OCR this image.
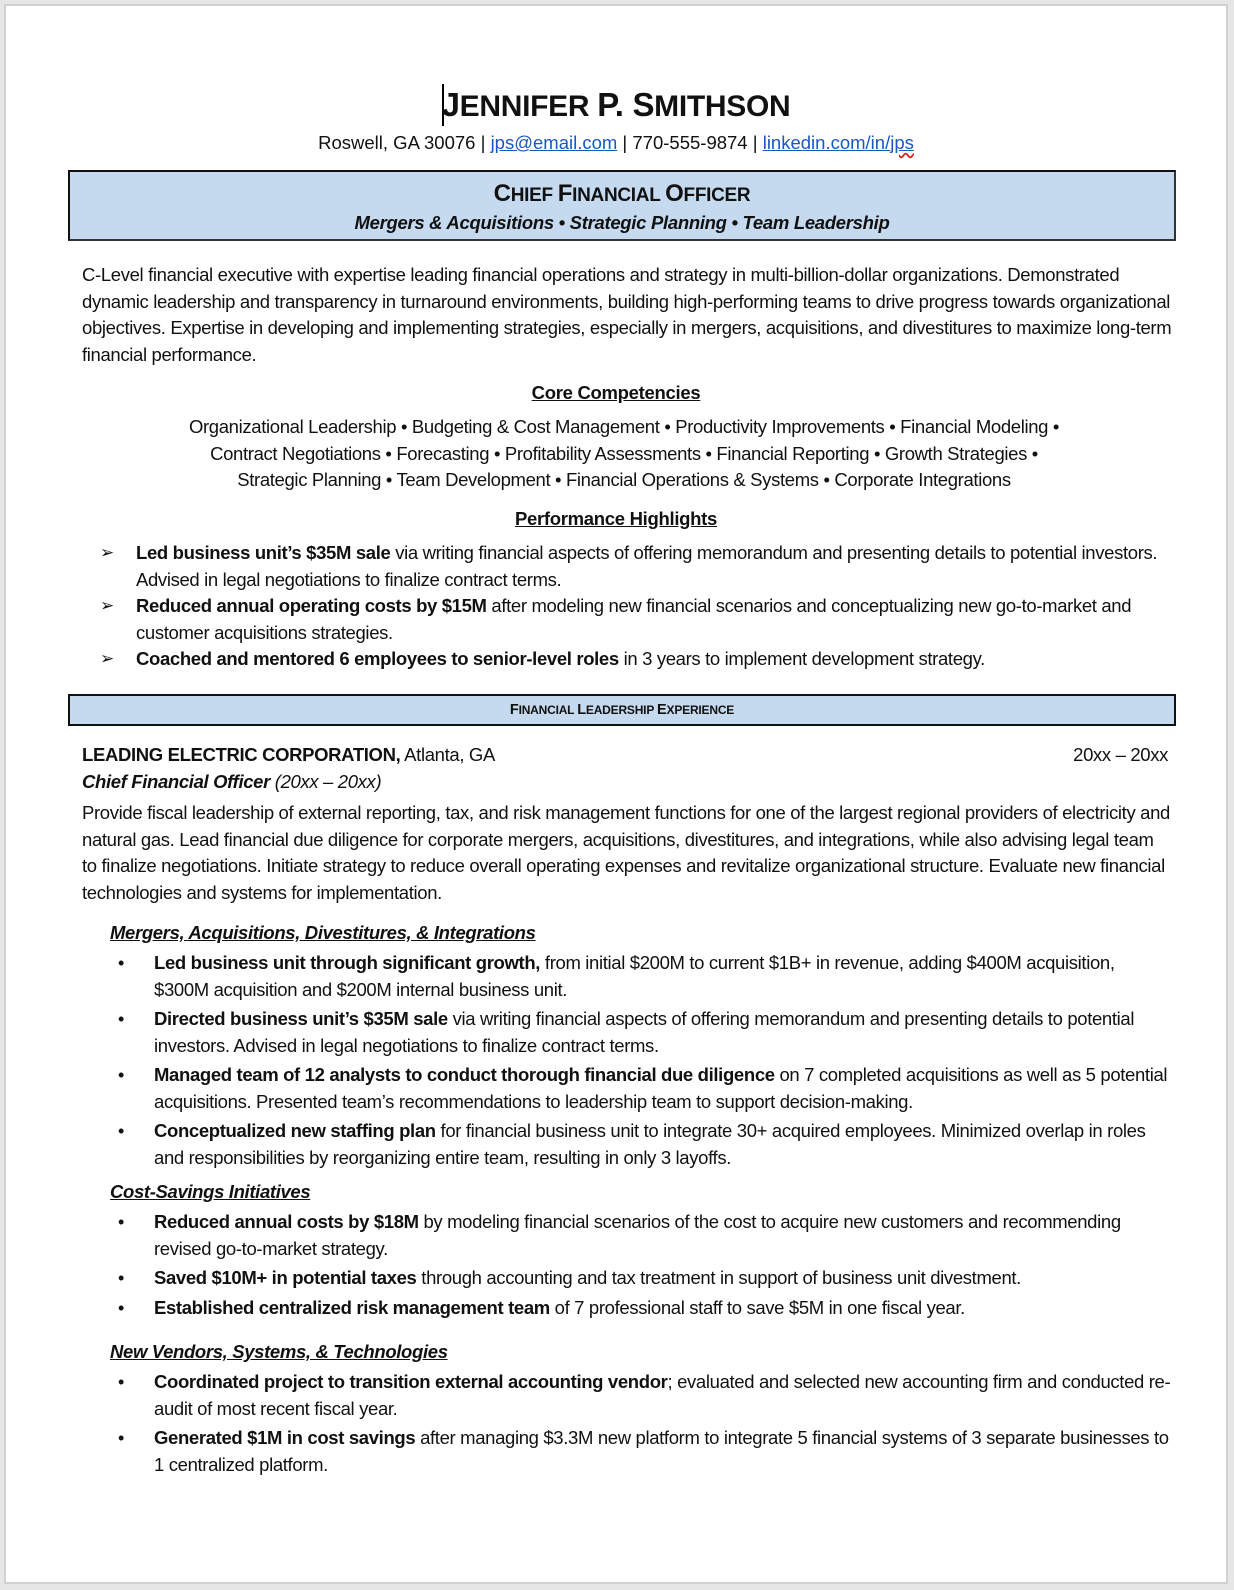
JENNIFER P. SMITHSON
Roswell, GA 30076 | jps@email.com | 770-555-9874 | linkedin.com/in/jps
CHIEF FINANCIAL OFFICER
Mergers & Acquisitions • Strategic Planning • Team Leadership
C-Level financial executive with expertise leading financial operations and strategy in multi-billion-dollar organizations. Demonstrated dynamic leadership and transparency in turnaround environments, building high-performing teams to drive progress towards organizational objectives. Expertise in developing and implementing strategies, especially in mergers, acquisitions, and divestitures to maximize long-term financial performance.
Core Competencies
Organizational Leadership • Budgeting & Cost Management • Productivity Improvements • Financial Modeling •
Contract Negotiations • Forecasting • Profitability Assessments • Financial Reporting • Growth Strategies •
Strategic Planning • Team Development • Financial Operations & Systems • Corporate Integrations
Performance Highlights
➢ Led business unit’s $35M sale via writing financial aspects of offering memorandum and presenting details to potential investors. Advised in legal negotiations to finalize contract terms.
➢ Reduced annual operating costs by $15M after modeling new financial scenarios and conceptualizing new go-to-market and customer acquisitions strategies.
➢ Coached and mentored 6 employees to senior-level roles in 3 years to implement development strategy.
FINANCIAL LEADERSHIP EXPERIENCE
LEADING ELECTRIC CORPORATION, Atlanta, GA	20xx – 20xx
Chief Financial Officer (20xx – 20xx)
Provide fiscal leadership of external reporting, tax, and risk management functions for one of the largest regional providers of electricity and natural gas. Lead financial due diligence for corporate mergers, acquisitions, divestitures, and integrations, while also advising legal team to finalize negotiations. Initiate strategy to reduce overall operating expenses and revitalize organizational structure. Evaluate new financial technologies and systems for implementation.
Mergers, Acquisitions, Divestitures, & Integrations
• Led business unit through significant growth, from initial $200M to current $1B+ in revenue, adding $400M acquisition, $300M acquisition and $200M internal business unit.
• Directed business unit’s $35M sale via writing financial aspects of offering memorandum and presenting details to potential investors. Advised in legal negotiations to finalize contract terms.
• Managed team of 12 analysts to conduct thorough financial due diligence on 7 completed acquisitions as well as 5 potential acquisitions. Presented team’s recommendations to leadership team to support decision-making.
• Conceptualized new staffing plan for financial business unit to integrate 30+ acquired employees. Minimized overlap in roles and responsibilities by reorganizing entire team, resulting in only 3 layoffs.
Cost-Savings Initiatives
• Reduced annual costs by $18M by modeling financial scenarios of the cost to acquire new customers and recommending revised go-to-market strategy.
• Saved $10M+ in potential taxes through accounting and tax treatment in support of business unit divestment.
• Established centralized risk management team of 7 professional staff to save $5M in one fiscal year.
New Vendors, Systems, & Technologies
• Coordinated project to transition external accounting vendor; evaluated and selected new accounting firm and conducted re-audit of most recent fiscal year.
• Generated $1M in cost savings after managing $3.3M new platform to integrate 5 financial systems of 3 separate businesses to 1 centralized platform.
